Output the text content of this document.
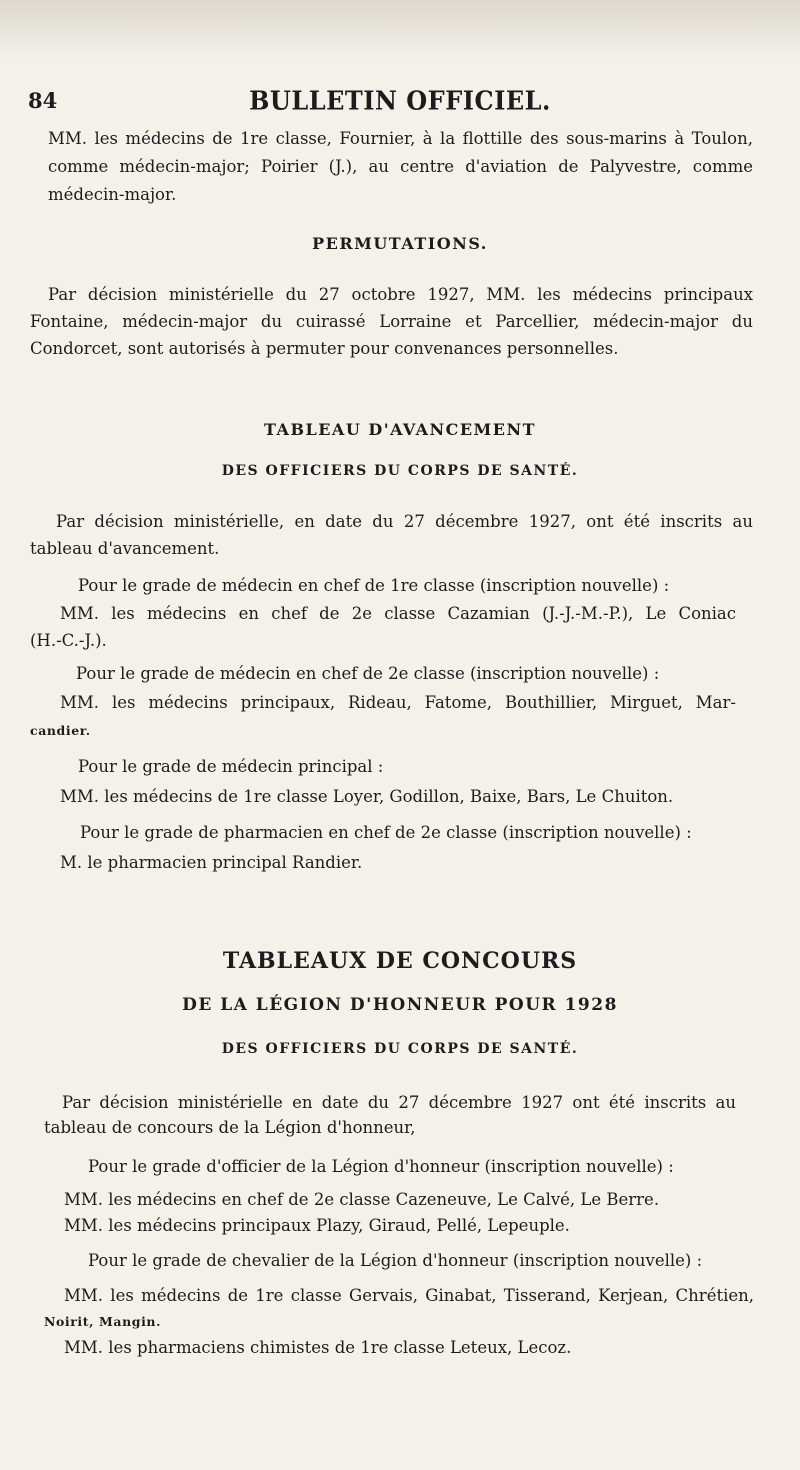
84	BULLETIN OFFICIEL.
MM. les médecins de 1re classe, Fournier, à la flottille des sous-marins à Toulon,
comme médecin-major; Poirier (J.), au centre d'aviation de Palyvestre, comme
médecin-major.
PERMUTATIONS.
Par décision ministérielle du 27 octobre 1927, MM. les médecins principaux
Fontaine, médecin-major du cuirassé Lorraine et Parcellier, médecin-major du
Condorcet, sont autorisés à permuter pour convenances personnelles.
TABLEAU D'AVANCEMENT
DES OFFICIERS DU CORPS DE SANTÉ.
Par décision ministérielle, en date du 27 décembre 1927, ont été inscrits au
tableau d'avancement.
Pour le grade de médecin en chef de 1re classe (inscription nouvelle) :
MM. les médecins en chef de 2e classe Cazamian (J.-J.-M.-P.), Le Coniac
(H.-C.-J.).
Pour le grade de médecin en chef de 2e classe (inscription nouvelle) :
MM. les médecins principaux, Rideau, Fatome, Bouthillier, Mirguet, Mar-
candier.
Pour le grade de médecin principal :
MM. les médecins de 1re classe Loyer, Godillon, Baixe, Bars, Le Chuiton.
Pour le grade de pharmacien en chef de 2e classe (inscription nouvelle) :
M. le pharmacien principal Randier.
TABLEAUX DE CONCOURS
DE LA LÉGION D'HONNEUR POUR 1928
DES OFFICIERS DU CORPS DE SANTÉ.
Par décision ministérielle en date du 27 décembre 1927 ont été inscrits au
tableau de concours de la Légion d'honneur,
Pour le grade d'officier de la Légion d'honneur (inscription nouvelle) :
MM. les médecins en chef de 2e classe Cazeneuve, Le Calvé, Le Berre.
MM. les médecins principaux Plazy, Giraud, Pellé, Lepeuple.
Pour le grade de chevalier de la Légion d'honneur (inscription nouvelle) :
MM. les médecins de 1re classe Gervais, Ginabat, Tisserand, Kerjean, Chrétien,
Noirit, Mangin.
MM. les pharmaciens chimistes de 1re classe Leteux, Lecoz.
